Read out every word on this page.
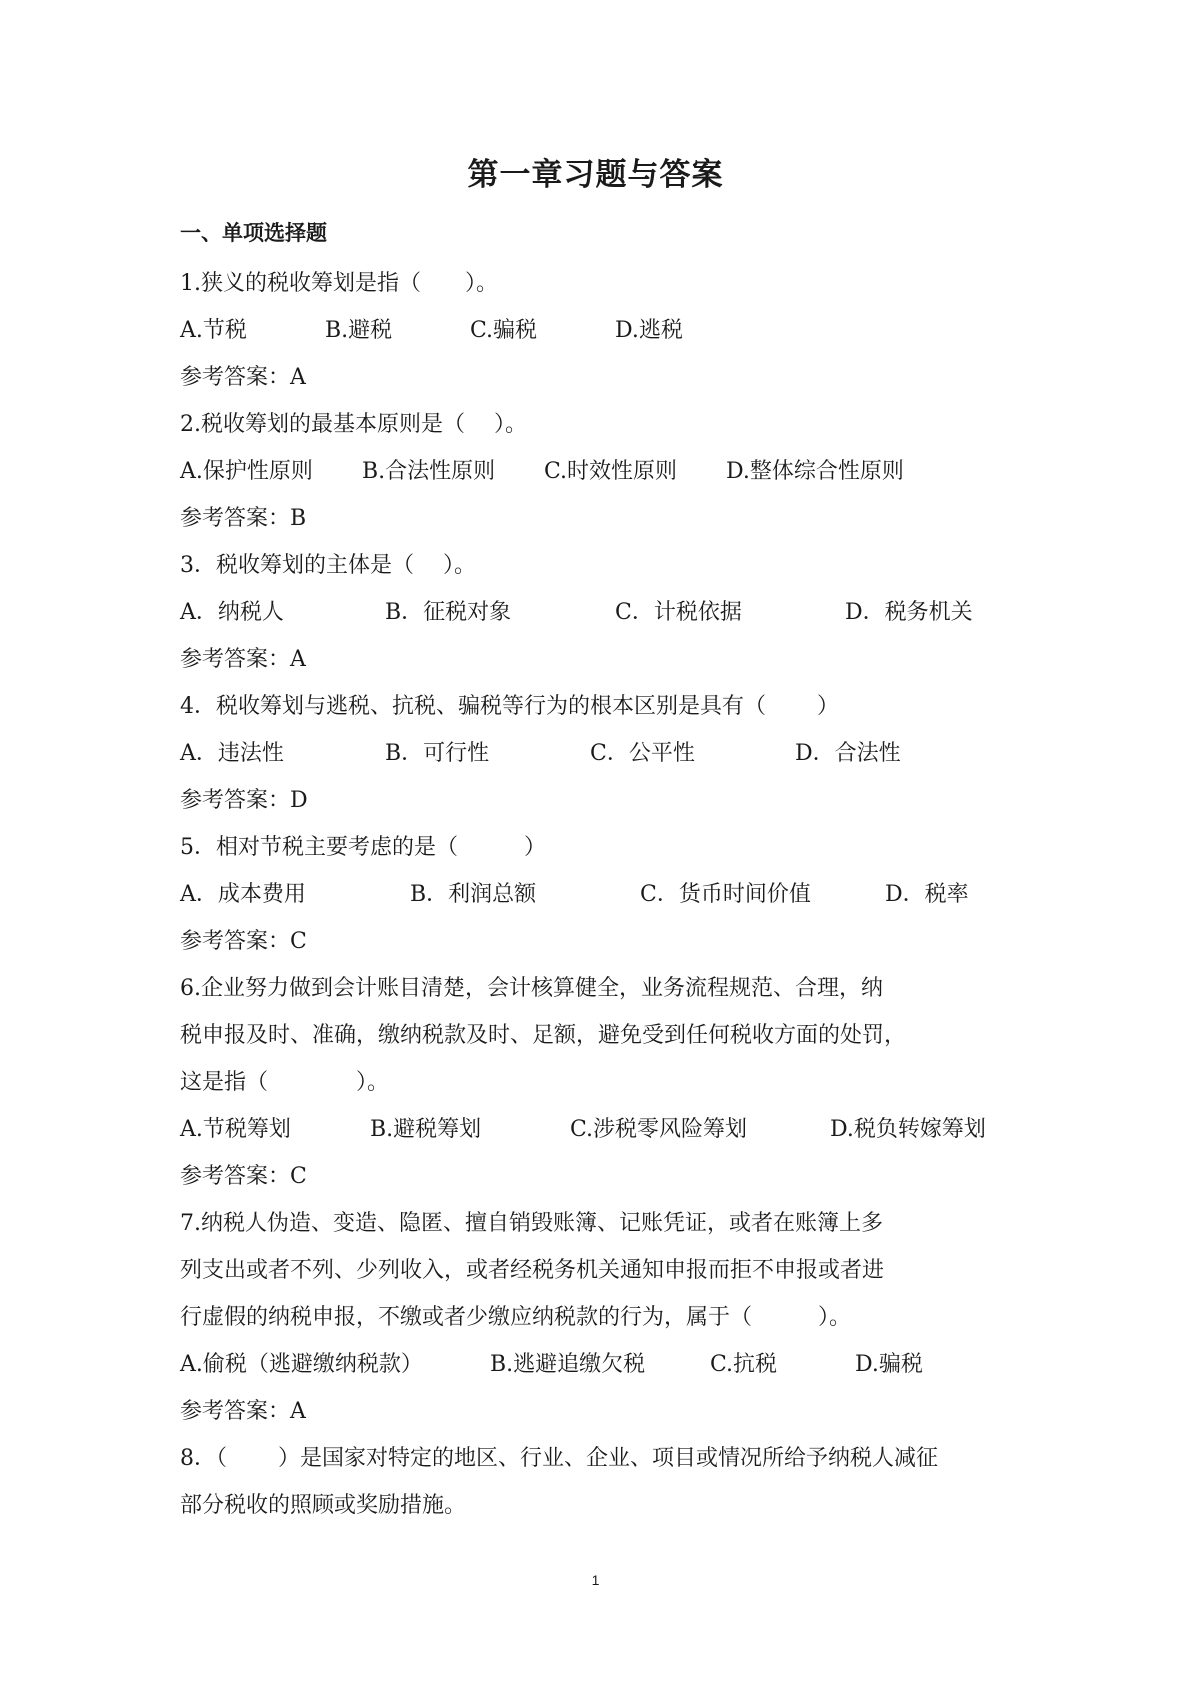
第一章习题与答案
一、单项选择题
1.狭义的税收筹划是指（　　）。
A.节税	B.避税	C.骗税	D.逃税
参考答案：A
2.税收筹划的最基本原则是（　 ）。
A.保护性原则	B.合法性原则	C.时效性原则	D.整体综合性原则
参考答案：B
3．税收筹划的主体是（　 ）。
A．纳税人	B．征税对象	C．计税依据	D．税务机关
参考答案：A
4．税收筹划与逃税、抗税、骗税等行为的根本区别是具有（　　 ）
A．违法性	B．可行性	C．公平性	D．合法性
参考答案：D
5．相对节税主要考虑的是（　　　）
A．成本费用	B．利润总额	C．货币时间价值	D．税率
参考答案：C
6.企业努力做到会计账目清楚，会计核算健全，业务流程规范、合理，纳
税申报及时、准确，缴纳税款及时、足额，避免受到任何税收方面的处罚，
这是指（　　　　）。
A.节税筹划	B.避税筹划	C.涉税零风险筹划	D.税负转嫁筹划
参考答案：C
7.纳税人伪造、变造、隐匿、擅自销毁账簿、记账凭证，或者在账簿上多
列支出或者不列、少列收入，或者经税务机关通知申报而拒不申报或者进
行虚假的纳税申报，不缴或者少缴应纳税款的行为，属于（　　　）。
A.偷税（逃避缴纳税款）	B.逃避追缴欠税	C.抗税	D.骗税
参考答案：A
8．（　　 ）是国家对特定的地区、行业、企业、项目或情况所给予纳税人减征
部分税收的照顾或奖励措施。
1
